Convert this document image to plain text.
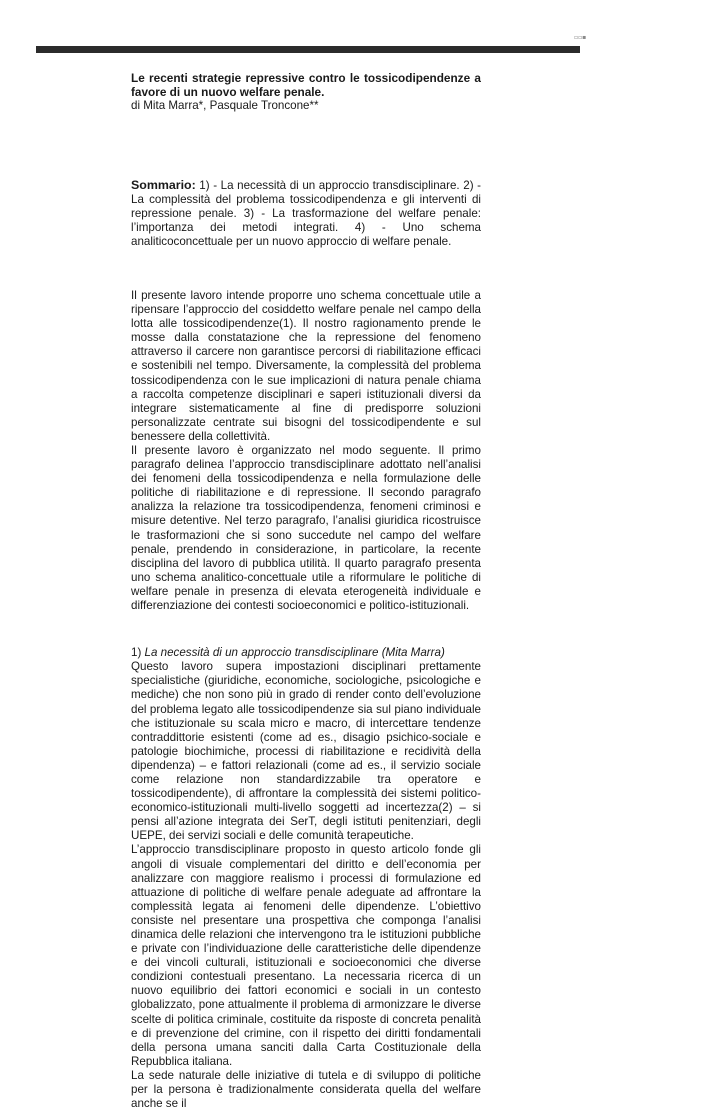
▫▫▪

Le recenti strategie repressive contro le tossicodipendenze a favore di un nuovo welfare penale.

di Mita Marra*, Pasquale Troncone**

Sommario: 1) - La necessità di un approccio transdisciplinare. 2) - La complessità del problema tossicodipendenza e gli interventi di repressione penale. 3) - La trasformazione del welfare penale: l’importanza dei metodi integrati. 4) - Uno schema analiticoconcettuale per un nuovo approccio di welfare penale.

Il presente lavoro intende proporre uno schema concettuale utile a ripensare l’approccio del cosiddetto welfare penale nel campo della lotta alle tossicodipendenze(1). Il nostro ragionamento prende le mosse dalla constatazione che la repressione del fenomeno attraverso il carcere non garantisce percorsi di riabilitazione efficaci e sostenibili nel tempo. Diversamente, la complessità del problema tossicodipendenza con le sue implicazioni di natura penale chiama a raccolta competenze disciplinari e saperi istituzionali diversi da integrare sistematicamente al fine di predisporre soluzioni personalizzate centrate sui bisogni del tossicodipendente e sul benessere della collettività.

Il presente lavoro è organizzato nel modo seguente. Il primo paragrafo delinea l’approccio transdisciplinare adottato nell’analisi dei fenomeni della tossicodipendenza e nella formulazione delle politiche di riabilitazione e di repressione. Il secondo paragrafo analizza la relazione tra tossicodipendenza, fenomeni criminosi e misure detentive. Nel terzo paragrafo, l’analisi giuridica ricostruisce le trasformazioni che si sono succedute nel campo del welfare penale, prendendo in considerazione, in particolare, la recente disciplina del lavoro di pubblica utilità. Il quarto paragrafo presenta uno schema analitico-concettuale utile a riformulare le politiche di welfare penale in presenza di elevata eterogeneità individuale e differenziazione dei contesti socioeconomici e politico-istituzionali.

1) La necessità di un approccio transdisciplinare (Mita Marra)

Questo lavoro supera impostazioni disciplinari prettamente specialistiche (giuridiche, economiche, sociologiche, psicologiche e mediche) che non sono più in grado di render conto dell’evoluzione del problema legato alle tossicodipendenze sia sul piano individuale che istituzionale su scala micro e macro, di intercettare tendenze contraddittorie esistenti (come ad es., disagio psichico-sociale e patologie biochimiche, processi di riabilitazione e recidività della dipendenza) – e fattori relazionali (come ad es., il servizio sociale come relazione non standardizzabile tra operatore e tossicodipendente), di affrontare la complessità dei sistemi politico-economico-istituzionali multi-livello soggetti ad incertezza(2) – si pensi all’azione integrata dei SerT, degli istituti penitenziari, degli UEPE, dei servizi sociali e delle comunità terapeutiche.

L’approccio transdisciplinare proposto in questo articolo fonde gli angoli di visuale complementari del diritto e dell’economia per analizzare con maggiore realismo i processi di formulazione ed attuazione di politiche di welfare penale adeguate ad affrontare la complessità legata ai fenomeni delle dipendenze. L’obiettivo consiste nel presentare una prospettiva che componga l’analisi dinamica delle relazioni che intervengono tra le istituzioni pubbliche e private con l’individuazione delle caratteristiche delle dipendenze e dei vincoli culturali, istituzionali e socioeconomici che diverse condizioni contestuali presentano. La necessaria ricerca di un nuovo equilibrio dei fattori economici e sociali in un contesto globalizzato, pone attualmente il problema di armonizzare le diverse scelte di politica criminale, costituite da risposte di concreta penalità e di prevenzione del crimine, con il rispetto dei diritti fondamentali della persona umana sanciti dalla Carta Costituzionale della Repubblica italiana.

La sede naturale delle iniziative di tutela e di sviluppo di politiche per la persona è tradizionalmente considerata quella del welfare anche se il
